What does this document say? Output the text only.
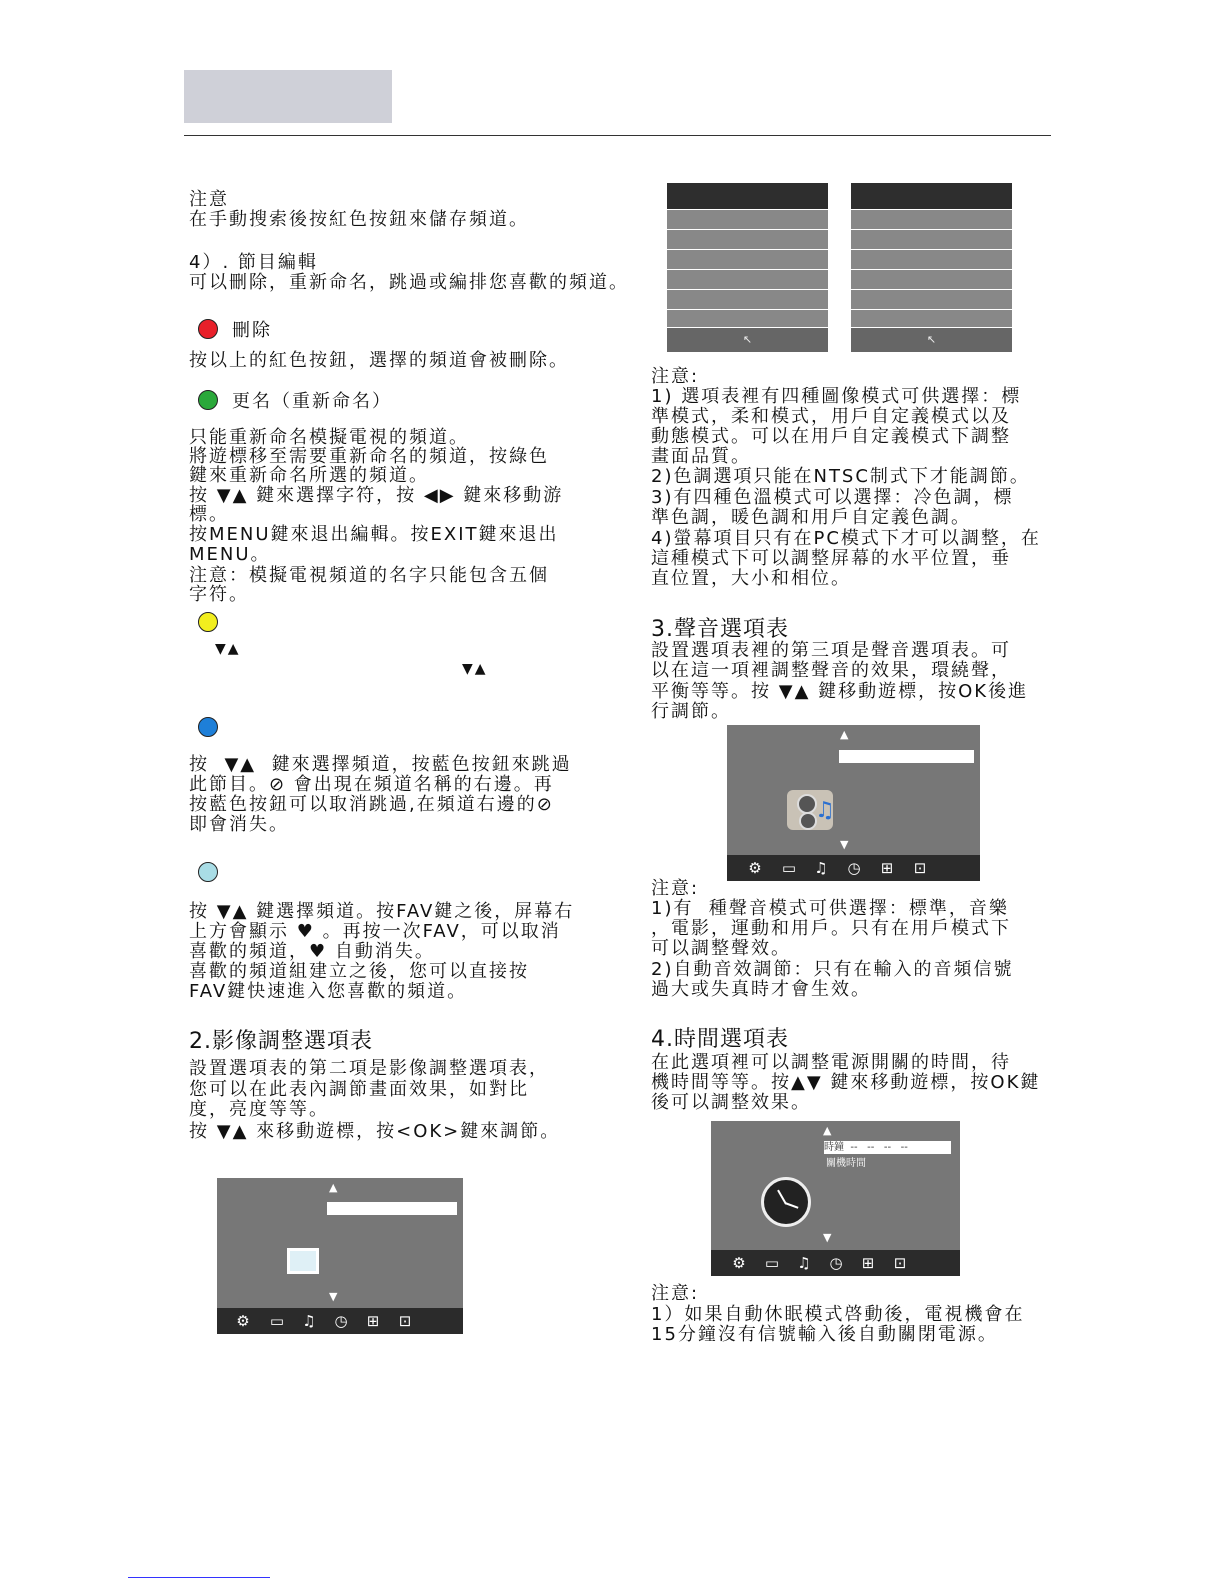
注意
在手動搜索後按紅色按鈕來儲存頻道。
4）. 節目編輯
可以刪除，重新命名，跳過或編排您喜歡的頻道。
刪除
按以上的紅色按鈕，選擇的頻道會被刪除。
更名（重新命名）
只能重新命名模擬電視的頻道。
將遊標移至需要重新命名的頻道，按綠色
鍵來重新命名所選的頻道。
按 ▼▲ 鍵來選擇字符，按 ◀▶ 鍵來移動游
標。
按MENU鍵來退出編輯。按EXIT鍵來退出
MENU。
注意：模擬電視頻道的名字只能包含五個
字符。
▼▲
▼▲
按  ▼▲  鍵來選擇頻道，按藍色按鈕來跳過
此節目。⊘ 會出現在頻道名稱的右邊。再
按藍色按鈕可以取消跳過,在頻道右邊的⊘
即會消失。
按 ▼▲ 鍵選擇頻道。按FAV鍵之後，屏幕右
上方會顯示 ♥ 。再按一次FAV，可以取消
喜歡的頻道，♥ 自動消失。
喜歡的頻道組建立之後，您可以直接按
FAV鍵快速進入您喜歡的頻道。
2.影像調整選項表
設置選項表的第二項是影像調整選項表，
您可以在此表內調節畫面效果，如對比
度，亮度等等。
按 ▼▲ 來移動遊標，按<OK>鍵來調節。
▲
▼
⚙ ▭ ♫ ◷ ⊞ ⊡
↖	↖
注意:
1) 選項表裡有四種圖像模式可供選擇：標
準模式，柔和模式，用戶自定義模式以及
動態模式。可以在用戶自定義模式下調整
畫面品質。
2)色調選項只能在NTSC制式下才能調節。
3)有四種色溫模式可以選擇：冷色調，標
準色調，暖色調和用戶自定義色調。
4)螢幕項目只有在PC模式下才可以調整，在
這種模式下可以調整屏幕的水平位置，垂
直位置，大小和相位。
3.聲音選項表
設置選項表裡的第三項是聲音選項表。可
以在這一項裡調整聲音的效果，環繞聲，
平衡等等。按 ▼▲ 鍵移動遊標，按OK後進
行調節。
▲
♫
▼
⚙ ▭ ♫ ◷ ⊞ ⊡
注意:
1)有  種聲音模式可供選擇：標準，音樂
，電影，運動和用戶。只有在用戶模式下
可以調整聲效。
2)自動音效調節：只有在輸入的音頻信號
過大或失真時才會生效。
4.時間選項表
在此選項裡可以調整電源開關的時間，待
機時間等等。按▲▼ 鍵來移動遊標，按OK鍵
後可以調整效果。
▲
時鐘  --   --   --   --
關機時間
▼
⚙ ▭ ♫ ◷ ⊞ ⊡
注意:
1）如果自動休眠模式啓動後，電視機會在
15分鐘沒有信號輸入後自動關閉電源。
